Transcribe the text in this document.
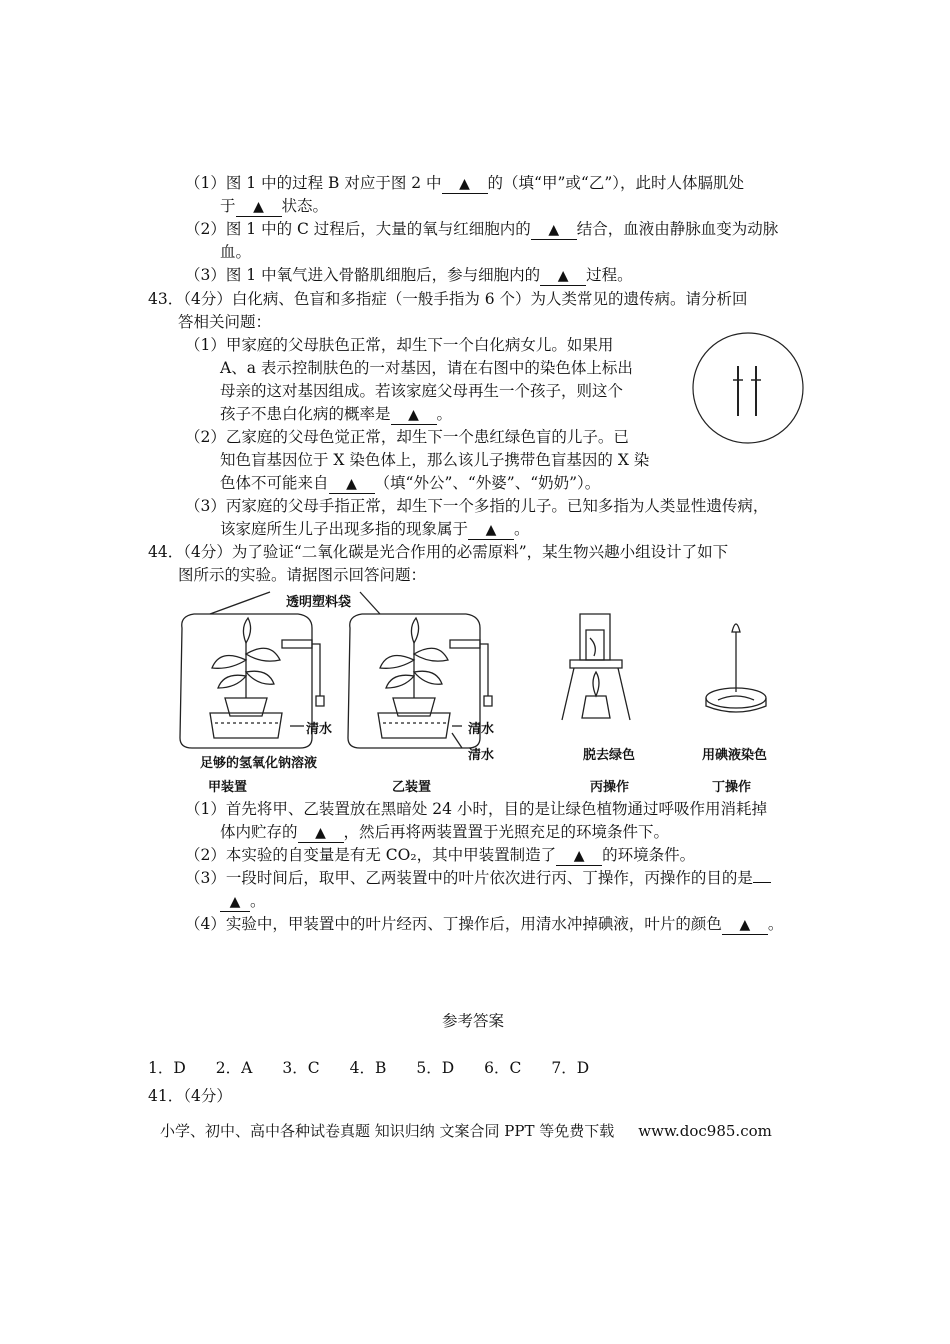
（1）图 1 中的过程 B 对应于图 2 中 ▲ 的（填“甲”或“乙”），此时人体膈肌处
于 ▲ 状态。
（2）图 1 中的 C 过程后，大量的氧与红细胞内的 ▲ 结合，血液由静脉血变为动脉
血。
（3）图 1 中氧气进入骨骼肌细胞后，参与细胞内的 ▲ 过程。
43．（4分）白化病、色盲和多指症（一般手指为 6 个）为人类常见的遗传病。请分析回
答相关问题：
（1）甲家庭的父母肤色正常，却生下一个白化病女儿。如果用
A、a 表示控制肤色的一对基因，请在右图中的染色体上标出
母亲的这对基因组成。若该家庭父母再生一个孩子，则这个
孩子不患白化病的概率是 ▲ 。
（2）乙家庭的父母色觉正常，却生下一个患红绿色盲的儿子。已
知色盲基因位于 X 染色体上，那么该儿子携带色盲基因的 X 染
色体不可能来自 ▲ （填“外公”、“外婆”、“奶奶”）。
（3）丙家庭的父母手指正常，却生下一个多指的儿子。已知多指为人类显性遗传病，
该家庭所生儿子出现多指的现象属于 ▲ 。
44．（4分）为了验证“二氧化碳是光合作用的必需原料”，某生物兴趣小组设计了如下
图所示的实验。请据图示回答问题：
透明塑料袋
清水	清水
清水
足够的氢氧化钠溶液
甲装置	乙装置
脱去绿色
丙操作
用碘液染色
丁操作
（1）首先将甲、乙装置放在黑暗处 24 小时，目的是让绿色植物通过呼吸作用消耗掉
体内贮存的 ▲ ，然后再将两装置置于光照充足的环境条件下。
（2）本实验的自变量是有无 CO₂，其中甲装置制造了 ▲ 的环境条件。
（3）一段时间后，取甲、乙两装置中的叶片依次进行丙、丁操作，丙操作的目的是
▲ 。
（4）实验中，甲装置中的叶片经丙、丁操作后，用清水冲掉碘液，叶片的颜色 ▲ 。
参考答案
1．D 2．A 3．C 4．B 5．D 6．C 7．D
41．（4分）
小学、初中、高中各种试卷真题 知识归纳 文案合同 PPT 等免费下载 www.doc985.com
